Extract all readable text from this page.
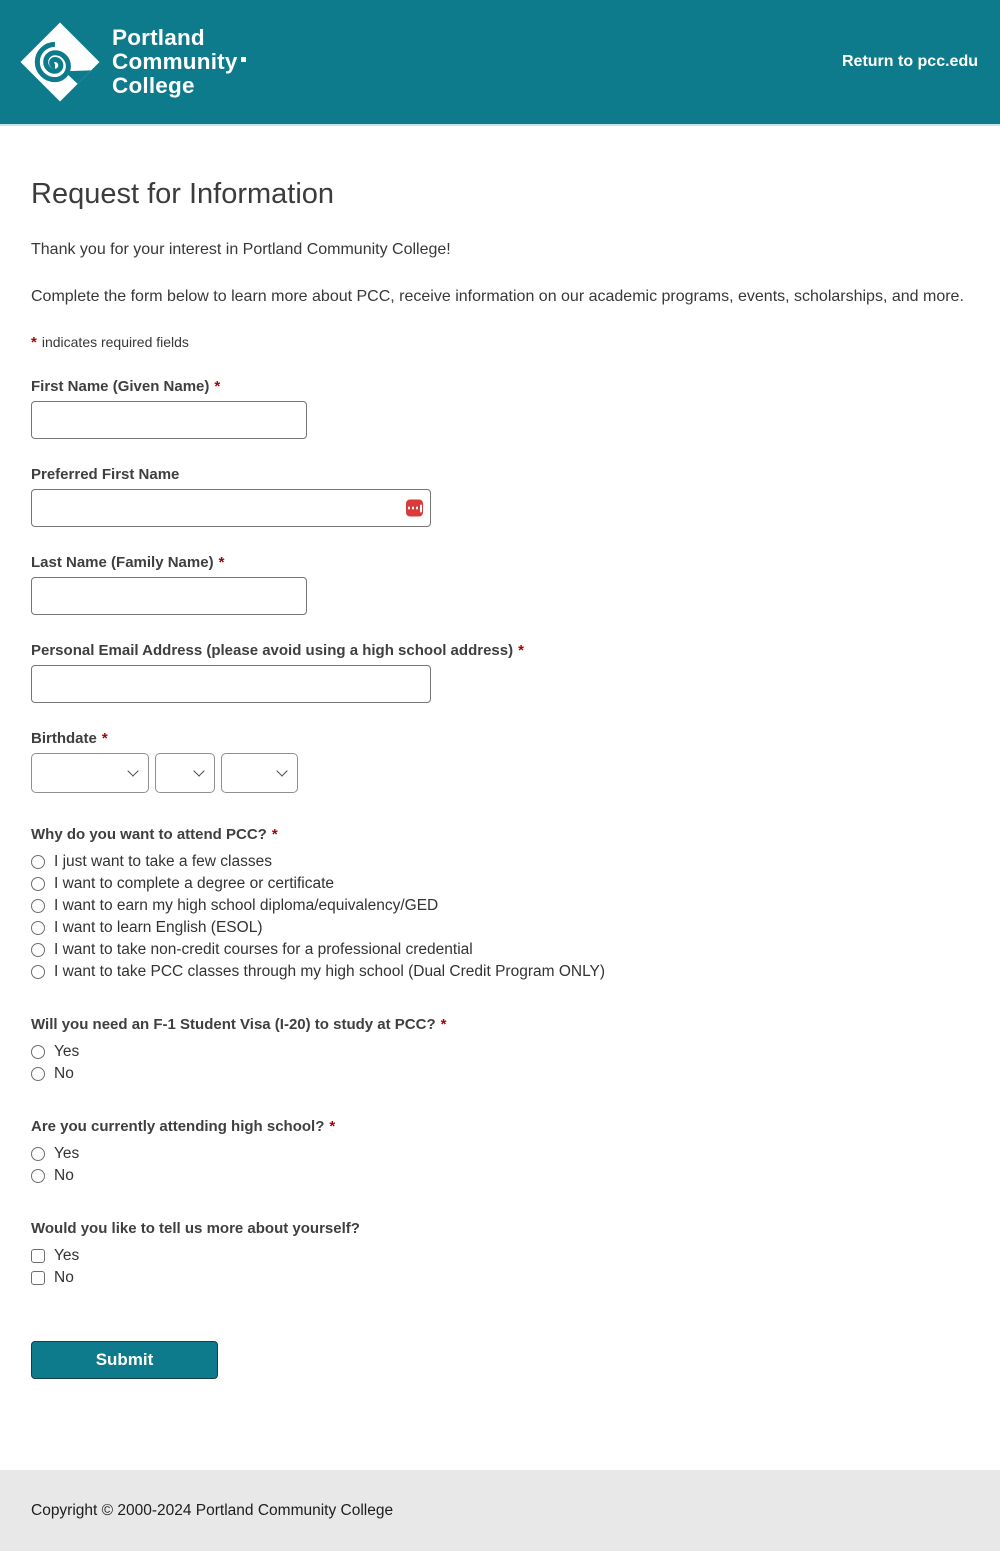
Portland
Community
College
Return to pcc.edu
Request for Information

Thank you for your interest in Portland Community College!

Complete the form below to learn more about PCC, receive information on our academic programs, events, scholarships, and more.

* indicates required fields
First Name (Given Name) *
Preferred First Name
Last Name (Family Name) *
Personal Email Address (please avoid using a high school address) *
Birthdate *
Why do you want to attend PCC? *
I just want to take a few classes
I want to complete a degree or certificate
I want to earn my high school diploma/equivalency/GED
I want to learn English (ESOL)
I want to take non-credit courses for a professional credential
I want to take PCC classes through my high school (Dual Credit Program ONLY)
Will you need an F-1 Student Visa (I-20) to study at PCC? *
Yes
No
Are you currently attending high school? *
Yes
No
Would you like to tell us more about yourself?
Yes
No
Submit
Copyright © 2000-2024 Portland Community College
